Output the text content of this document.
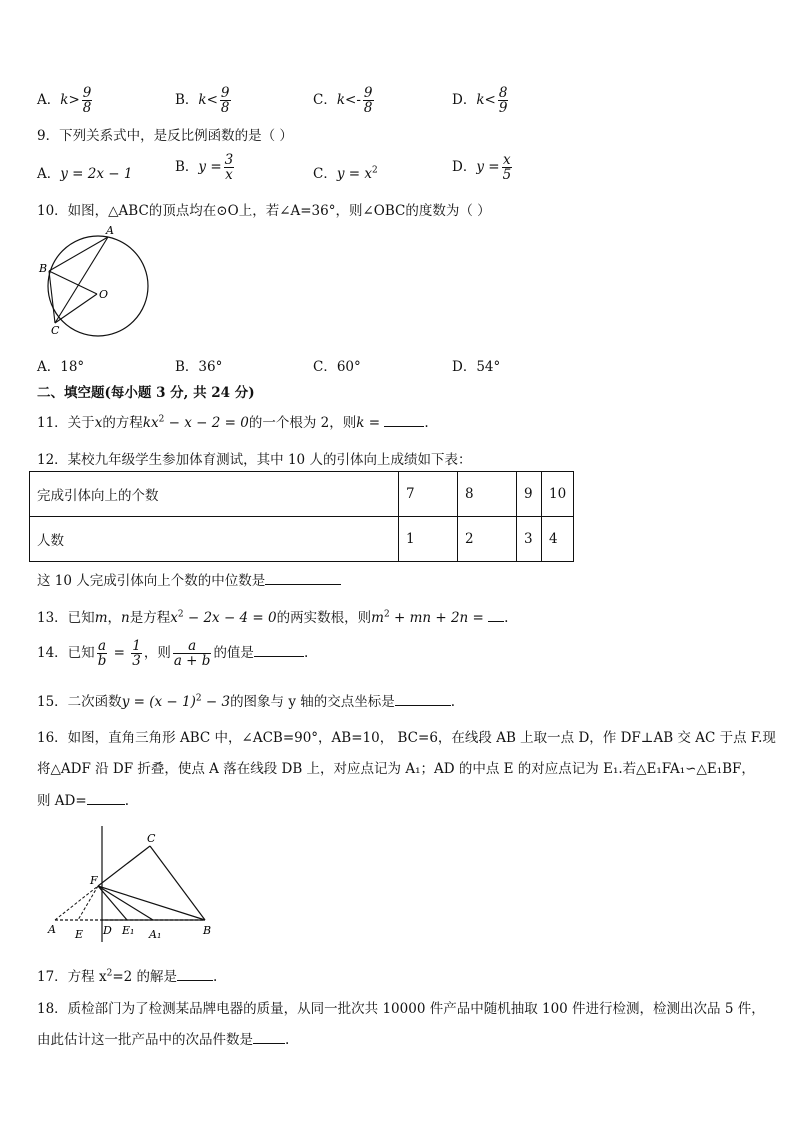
A．$k> \frac{9}{8}$	B．$k< \frac{9}{8}$	C．$k<- \frac{9}{8}$	D．$k< \frac{8}{9}$
9．下列关系式中，是反比例函数的是（ ）
A．y = 2x − 1	B．$y = \frac{3}{x}$	C．$y = x^2$	D．$y = \frac{x}{5}$
10．如图，△ABC的顶点均在⊙O上，若∠A=36°，则∠OBC的度数为（ ）
A
B
C
O
A．18°	B．36°	C．60°	D．54°
二、填空题(每小题 3 分, 共 24 分)
11．关于x的方程$kx^2 - x - 2 = 0$的一个根为 2，则k =	.
12．某校九年级学生参加体育测试，其中 10 人的引体向上成绩如下表：
完成引体向上的个数	7	8	9	10
人数	1	2	3	4
这 10 人完成引体向上个数的中位数是
13．已知m，n是方程$x^2 - 2x - 4 = 0$的两实数根，则$m^2$ + mn + 2n = .
14．已知 $\frac{a}{b} = \frac{1}{3}$ ，则 $\frac{a}{a + b}$ 的值是	.
15．二次函数$y = (x - 1)^2 - 3$的图象与 y 轴的交点坐标是	.
16．如图，直角三角形 ABC 中，∠ACB=90°，AB=10， BC=6，在线段 AB 上取一点 D，作 DF⊥AB 交 AC 于点 F.现
将△ADF 沿 DF 折叠，使点 A 落在线段 DB 上，对应点记为 A₁；AD 的中点 E 的对应点记为 E₁.若△E₁FA₁∽△E₁BF，
则 AD=	.
C
F
A E D E₁ A₁	B
17．方程 $x^2=2$ 的解是	.
18．质检部门为了检测某品牌电器的质量，从同一批次共 10000 件产品中随机抽取 100 件进行检测，检测出次品 5 件，
由此估计这一批产品中的次品件数是 .
